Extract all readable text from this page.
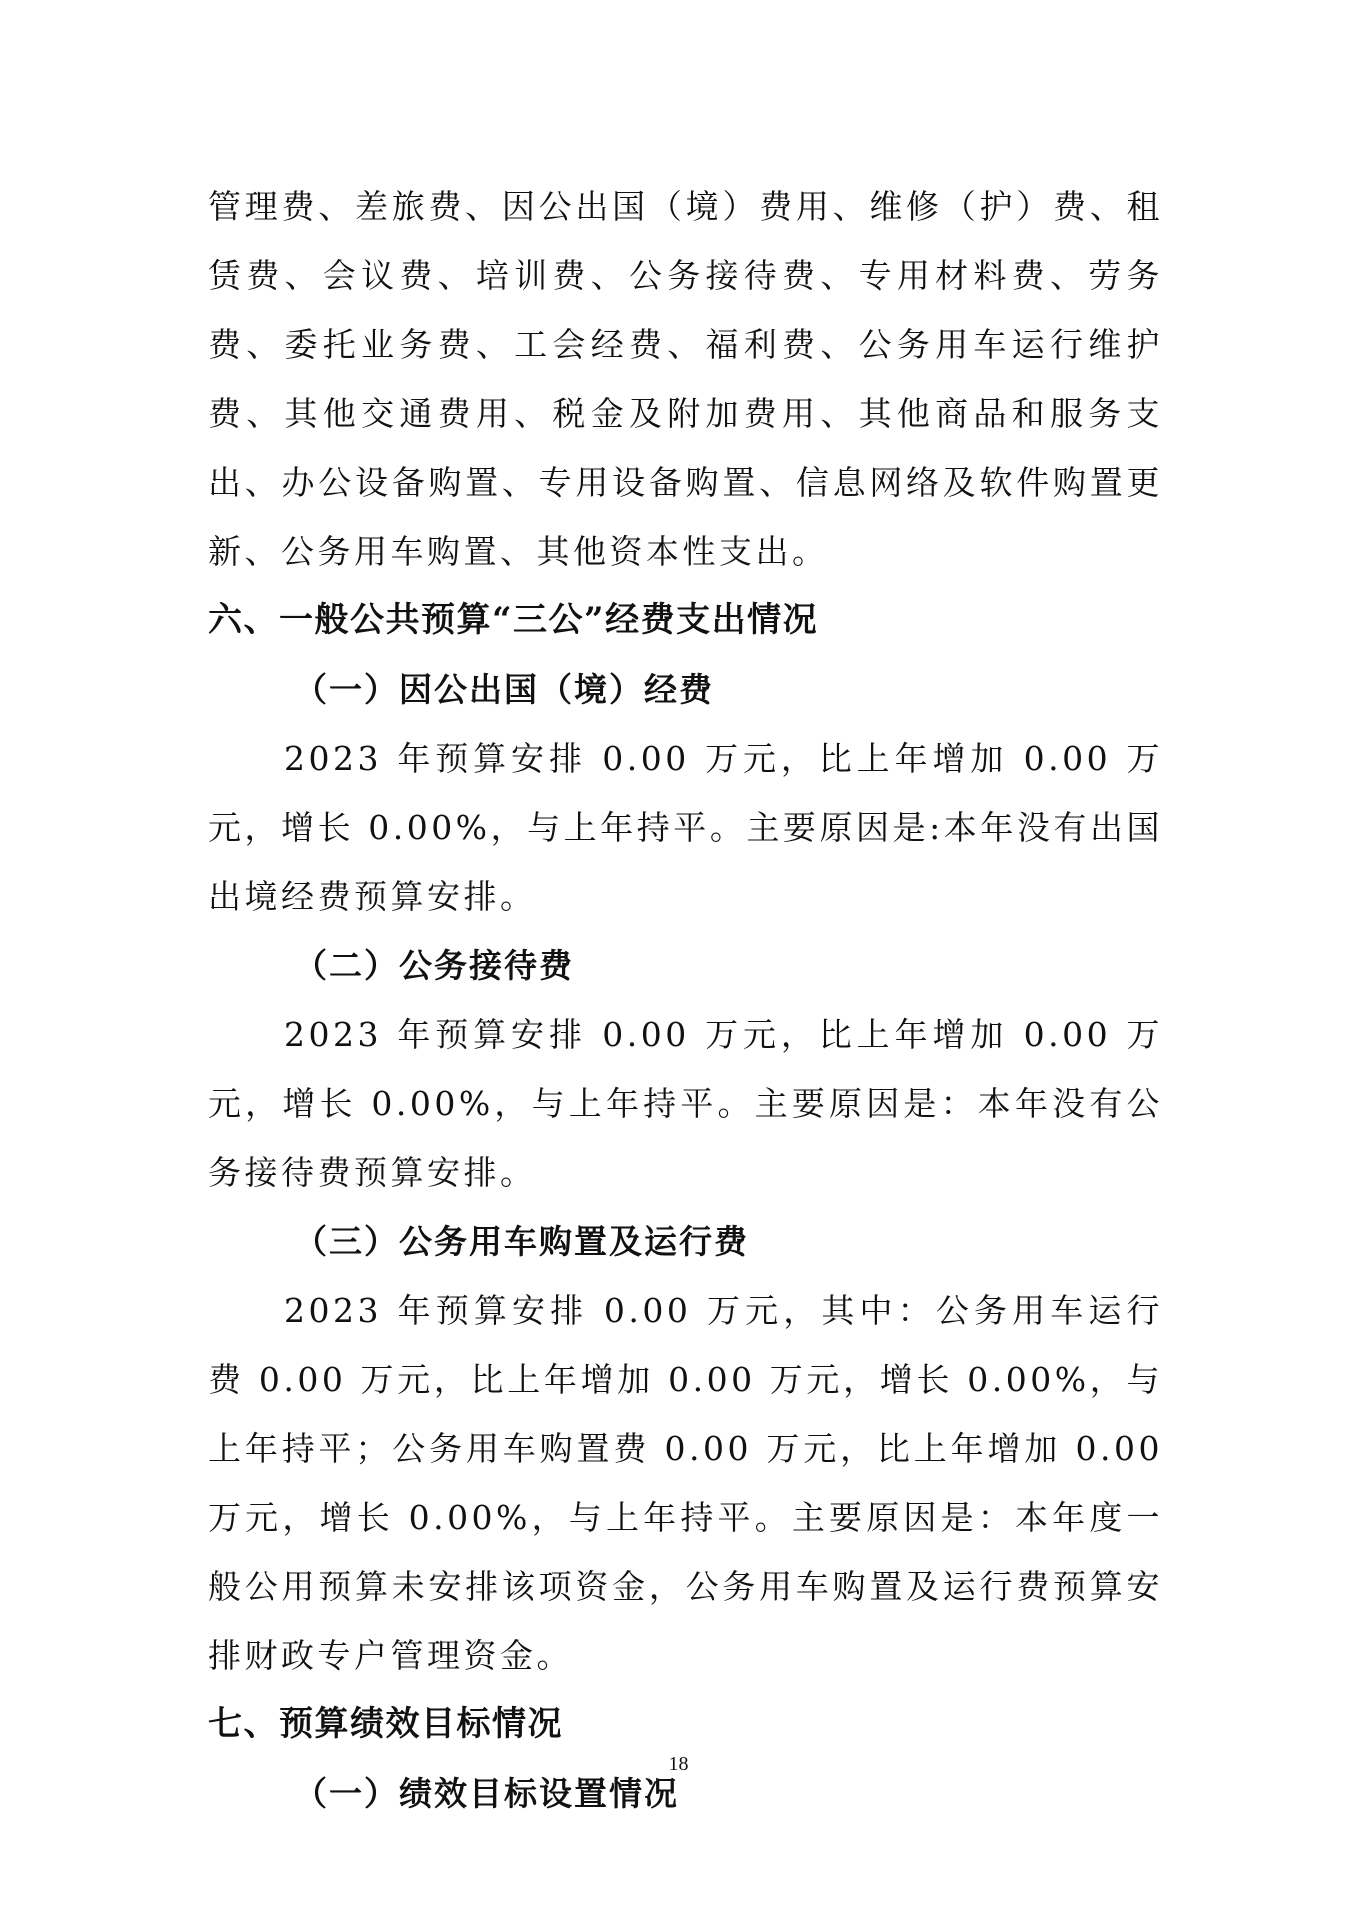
管理费、差旅费、因公出国（境）费用、维修（护）费、租赁费、会议费、培训费、公务接待费、专用材料费、劳务费、委托业务费、工会经费、福利费、公务用车运行维护费、其他交通费用、税金及附加费用、其他商品和服务支出、办公设备购置、专用设备购置、信息网络及软件购置更新、公务用车购置、其他资本性支出。

六、一般公共预算“三公”经费支出情况
（一）因公出国（境）经费

2023 年预算安排 0.00 万元，比上年增加 0.00 万元，增长 0.00%，与上年持平。主要原因是:本年没有出国出境经费预算安排。

（二）公务接待费

2023 年预算安排 0.00 万元，比上年增加 0.00 万元，增长 0.00%，与上年持平。主要原因是：本年没有公务接待费预算安排。

（三）公务用车购置及运行费

2023 年预算安排 0.00 万元，其中：公务用车运行费 0.00 万元，比上年增加 0.00 万元，增长 0.00%，与上年持平；公务用车购置费 0.00 万元，比上年增加 0.00 万元，增长 0.00%，与上年持平。主要原因是：本年度一般公用预算未安排该项资金，公务用车购置及运行费预算安排财政专户管理资金。

七、预算绩效目标情况
（一）绩效目标设置情况
18
